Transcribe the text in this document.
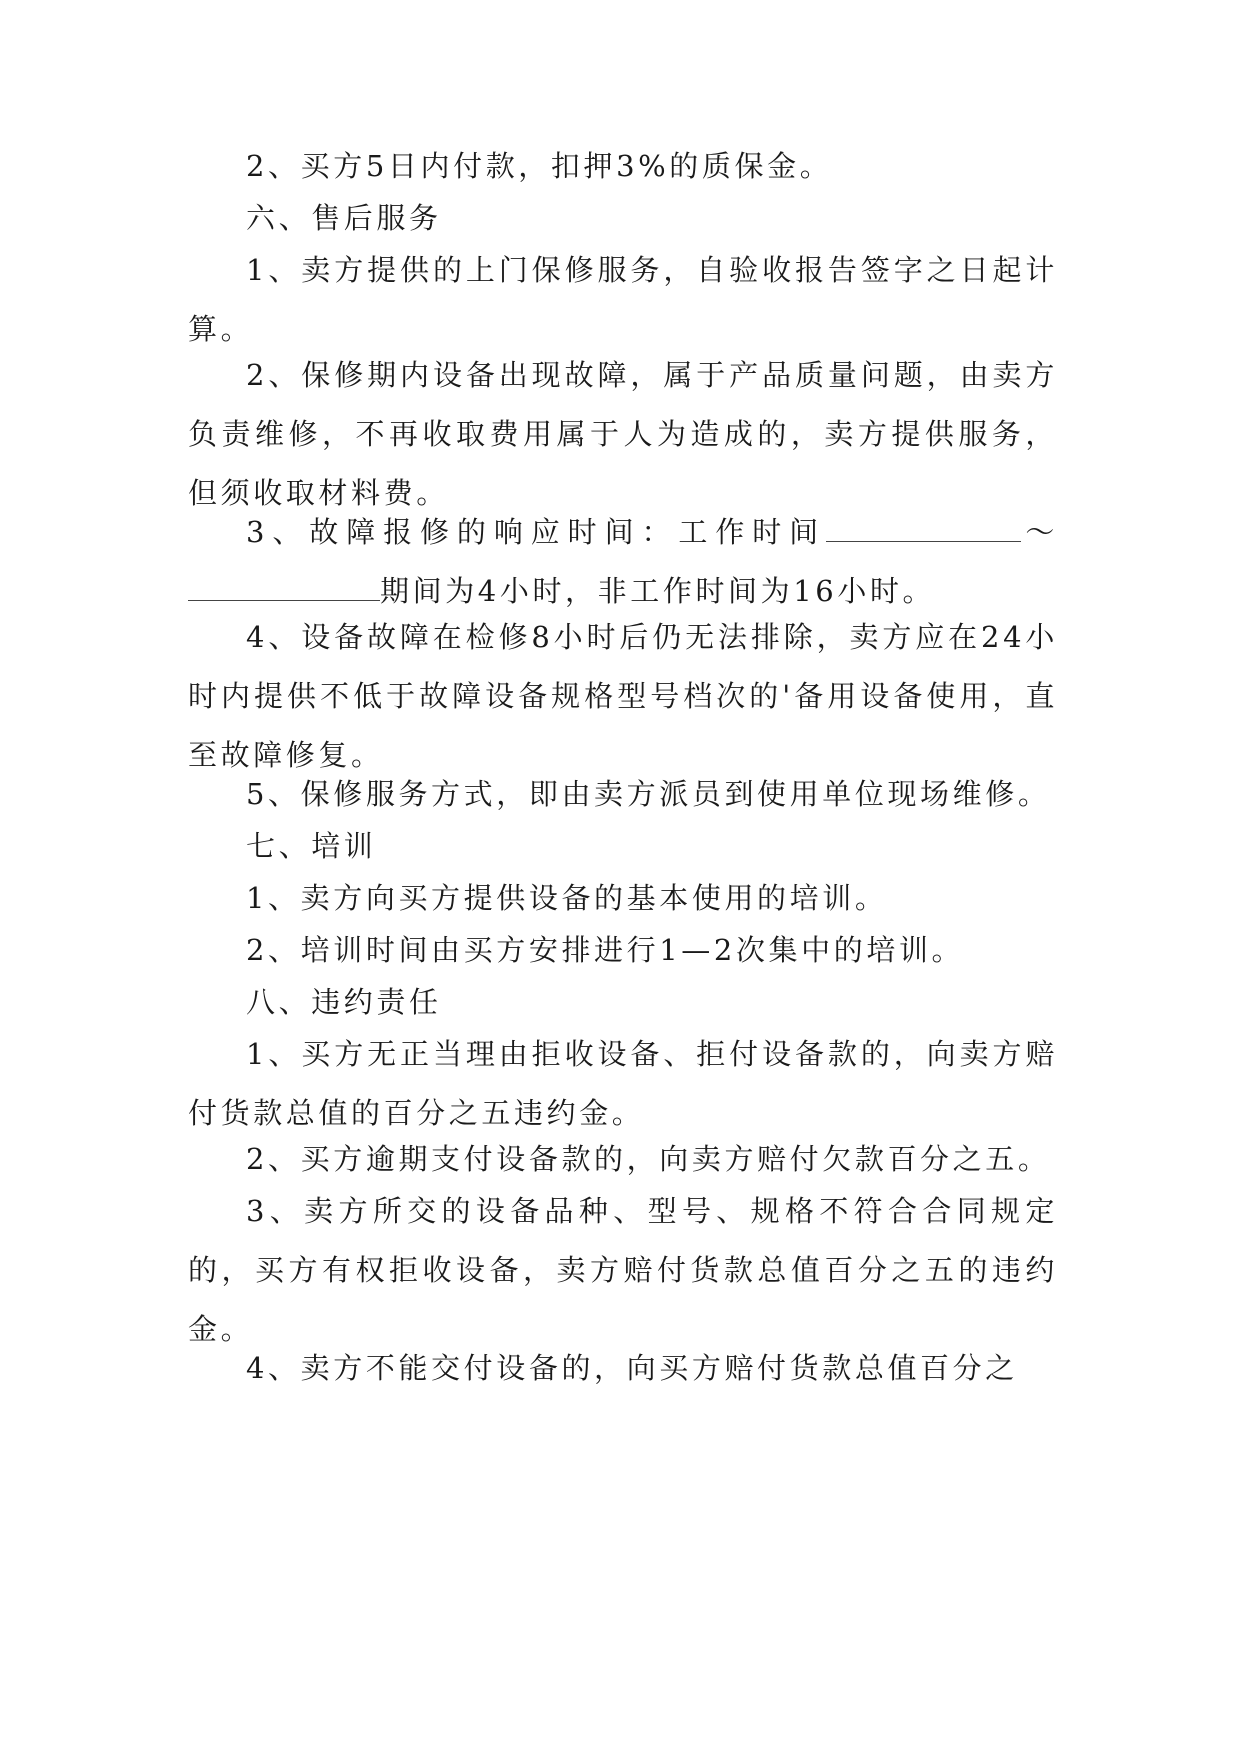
2、买方5日内付款，扣押3%的质保金。

六、售后服务

1、卖方提供的上门保修服务，自验收报告签字之日起计算。

2、保修期内设备出现故障，属于产品质量问题，由卖方负责维修，不再收取费用属于人为造成的，卖方提供服务，但须收取材料费。

3、故障报修的响应时间：工作时间	～期间为4小时，非工作时间为16小时。

4、设备故障在检修8小时后仍无法排除，卖方应在24小时内提供不低于故障设备规格型号档次的'备用设备使用，直至故障修复。

5、保修服务方式，即由卖方派员到使用单位现场维修。

七、培训

1、卖方向买方提供设备的基本使用的培训。

2、培训时间由买方安排进行1—2次集中的培训。

八、违约责任

1、买方无正当理由拒收设备、拒付设备款的，向卖方赔付货款总值的百分之五违约金。

2、买方逾期支付设备款的，向卖方赔付欠款百分之五。

3、卖方所交的设备品种、型号、规格不符合合同规定的，买方有权拒收设备，卖方赔付货款总值百分之五的违约金。

4、卖方不能交付设备的，向买方赔付货款总值百分之
